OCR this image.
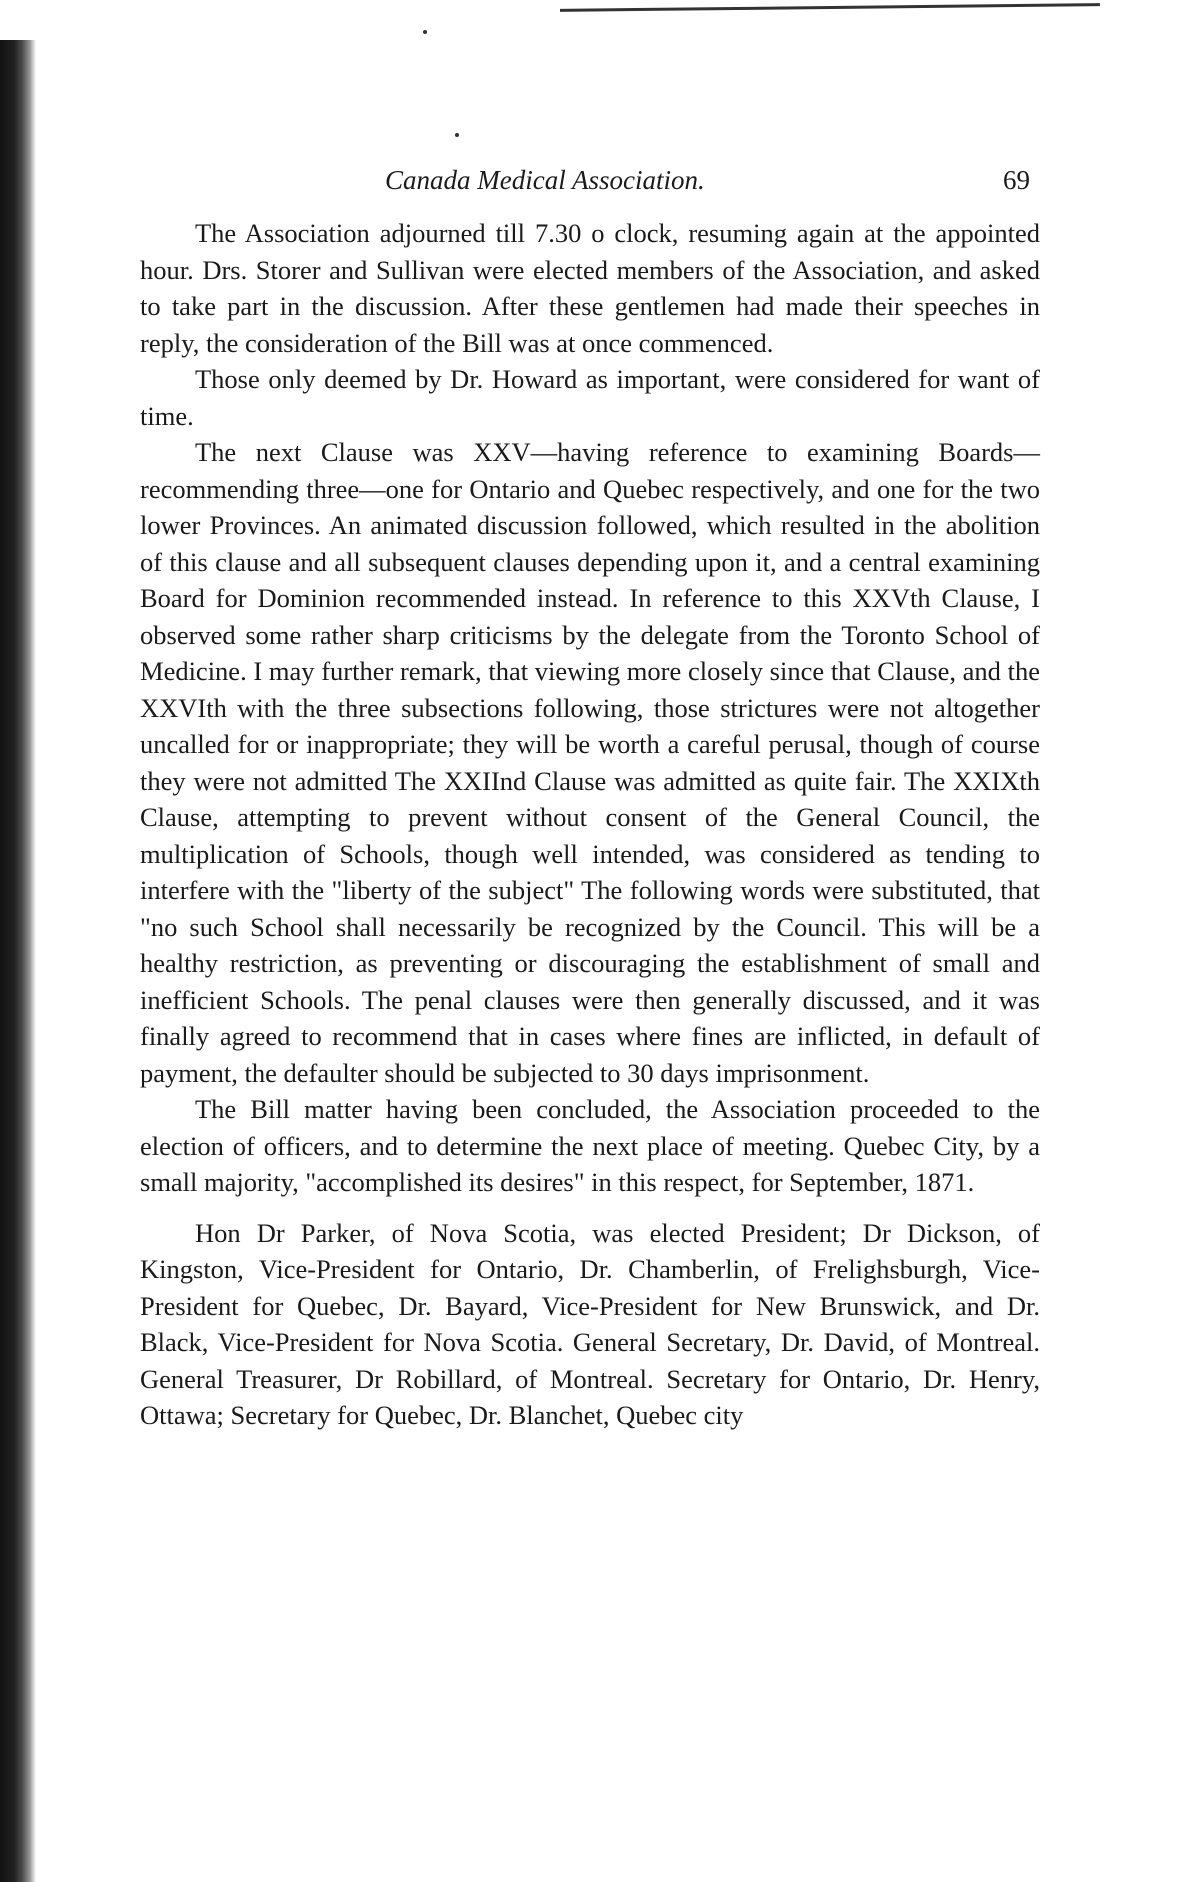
Canada Medical Association.	69

The Association adjourned till 7.30 o clock, resuming again at the appointed hour. Drs. Storer and Sullivan were elected members of the Association, and asked to take part in the discussion. After these gentlemen had made their speeches in reply, the consideration of the Bill was at once commenced.

Those only deemed by Dr. Howard as important, were considered for want of time.

The next Clause was XXV—having reference to examining Boards—recommending three—one for Ontario and Quebec respectively, and one for the two lower Provinces. An animated discussion followed, which resulted in the abolition of this clause and all subsequent clauses depending upon it, and a central examining Board for Dominion recommended instead. In reference to this XXVth Clause, I observed some rather sharp criticisms by the delegate from the Toronto School of Medicine. I may further remark, that viewing more closely since that Clause, and the XXVIth with the three subsections following, those strictures were not altogether uncalled for or inappropriate; they will be worth a careful perusal, though of course they were not admitted The XXIInd Clause was admitted as quite fair. The XXIXth Clause, attempting to prevent without consent of the General Council, the multiplication of Schools, though well intended, was considered as tending to interfere with the "liberty of the subject" The following words were substituted, that "no such School shall necessarily be recognized by the Council. This will be a healthy restriction, as preventing or discouraging the establishment of small and inefficient Schools. The penal clauses were then generally discussed, and it was finally agreed to recommend that in cases where fines are inflicted, in default of payment, the defaulter should be subjected to 30 days imprisonment.

The Bill matter having been concluded, the Association proceeded to the election of officers, and to determine the next place of meeting. Quebec City, by a small majority, "accomplished its desires" in this respect, for September, 1871.

Hon Dr Parker, of Nova Scotia, was elected President; Dr Dickson, of Kingston, Vice-President for Ontario, Dr. Chamberlin, of Frelighsburgh, Vice-President for Quebec, Dr. Bayard, Vice-President for New Brunswick, and Dr. Black, Vice-President for Nova Scotia. General Secretary, Dr. David, of Montreal. General Treasurer, Dr Robillard, of Montreal. Secretary for Ontario, Dr. Henry, Ottawa; Secretary for Quebec, Dr. Blanchet, Quebec city
